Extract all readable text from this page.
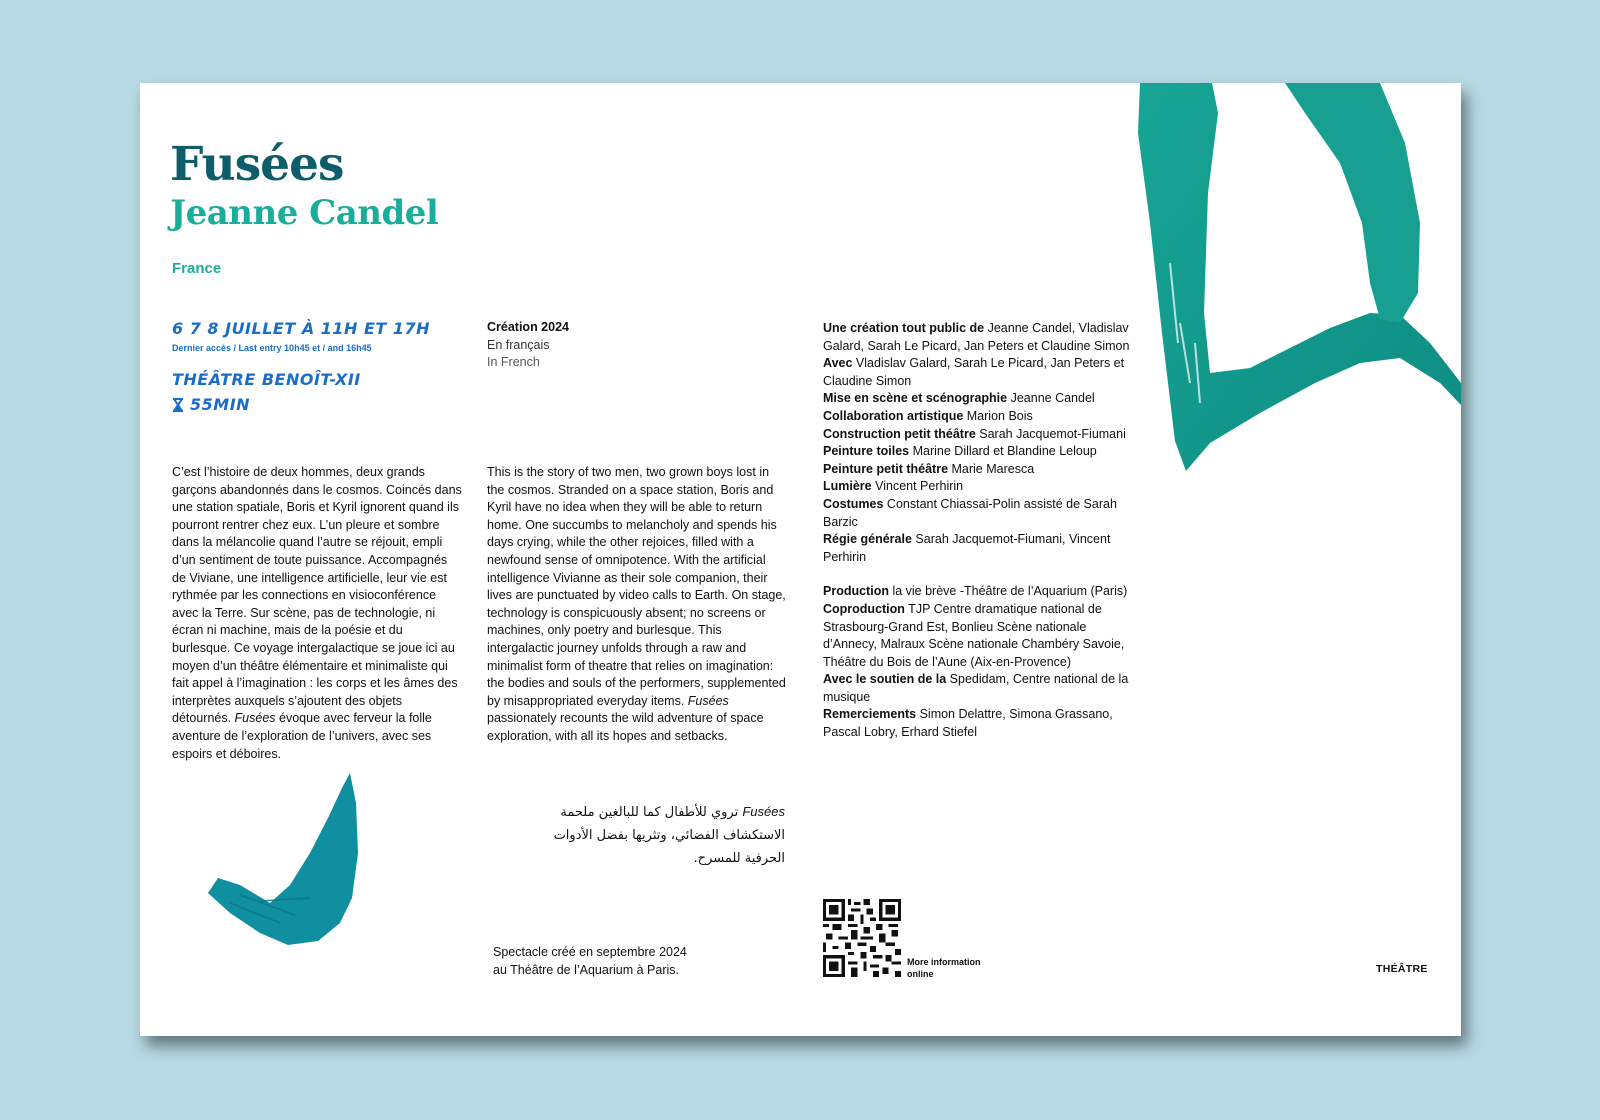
Fusées
Jeanne Candel
France
6 7 8 JUILLET À 11H ET 17H
Dernier accès / Last entry 10h45 et / and 16h45
THÉÂTRE BENOÎT-XII
55MIN
Création 2024
En français
In French
C’est l’histoire de deux hommes, deux grands garçons abandonnés dans le cosmos. Coincés dans une station spatiale, Boris et Kyril ignorent quand ils pourront rentrer chez eux. L’un pleure et sombre dans la mélancolie quand l’autre se réjouit, empli d’un sentiment de toute puissance. Accompagnés de Viviane, une intelligence artificielle, leur vie est rythmée par les connections en visioconférence avec la Terre. Sur scène, pas de technologie, ni écran ni machine, mais de la poésie et du burlesque. Ce voyage intergalactique se joue ici au moyen d’un théâtre élémentaire et minimaliste qui fait appel à l’imagination : les corps et les âmes des interprètes auxquels s’ajoutent des objets détournés. Fusées évoque avec ferveur la folle aventure de l’exploration de l’univers, avec ses espoirs et déboires.
This is the story of two men, two grown boys lost in the cosmos. Stranded on a space station, Boris and Kyril have no idea when they will be able to return home. One succumbs to melancholy and spends his days crying, while the other rejoices, filled with a newfound sense of omnipotence. With the artificial intelligence Vivianne as their sole companion, their lives are punctuated by video calls to Earth. On stage, technology is conspicuously absent; no screens or machines, only poetry and burlesque. This intergalactic journey unfolds through a raw and minimalist form of theatre that relies on imagination: the bodies and souls of the performers, supplemented by misappropriated everyday items. Fusées passionately recounts the wild adventure of space exploration, with all its hopes and setbacks.
Fusées تروي للأطفال كما للبالغين ملحمة الاستكشاف الفضائي، وتثريها بفضل الأدوات الحرفية للمسرح.

Une création tout public de Jeanne Candel, Vladislav Galard, Sarah Le Picard, Jan Peters et Claudine Simon

Avec Vladislav Galard, Sarah Le Picard, Jan Peters et Claudine Simon

Mise en scène et scénographie Jeanne Candel

Collaboration artistique Marion Bois

Construction petit théâtre Sarah Jacquemot-Fiumani

Peinture toiles Marine Dillard et Blandine Leloup

Peinture petit théâtre Marie Maresca

Lumière Vincent Perhirin

Costumes Constant Chiassai-Polin assisté de Sarah Barzic

Régie générale Sarah Jacquemot-Fiumani, Vincent Perhirin

Production la vie brève -Théâtre de l’Aquarium (Paris)

Coproduction TJP Centre dramatique national de Strasbourg-Grand Est, Bonlieu Scène nationale d’Annecy, Malraux Scène nationale Chambéry Savoie, Théâtre du Bois de l’Aune (Aix-en-Provence)

Avec le soutien de la Spedidam, Centre national de la musique

Remerciements Simon Delattre, Simona Grassano, Pascal Lobry, Erhard Stiefel

Spectacle créé en septembre 2024
au Théâtre de l’Aquarium à Paris.
More information
online	THÉÂTRE
